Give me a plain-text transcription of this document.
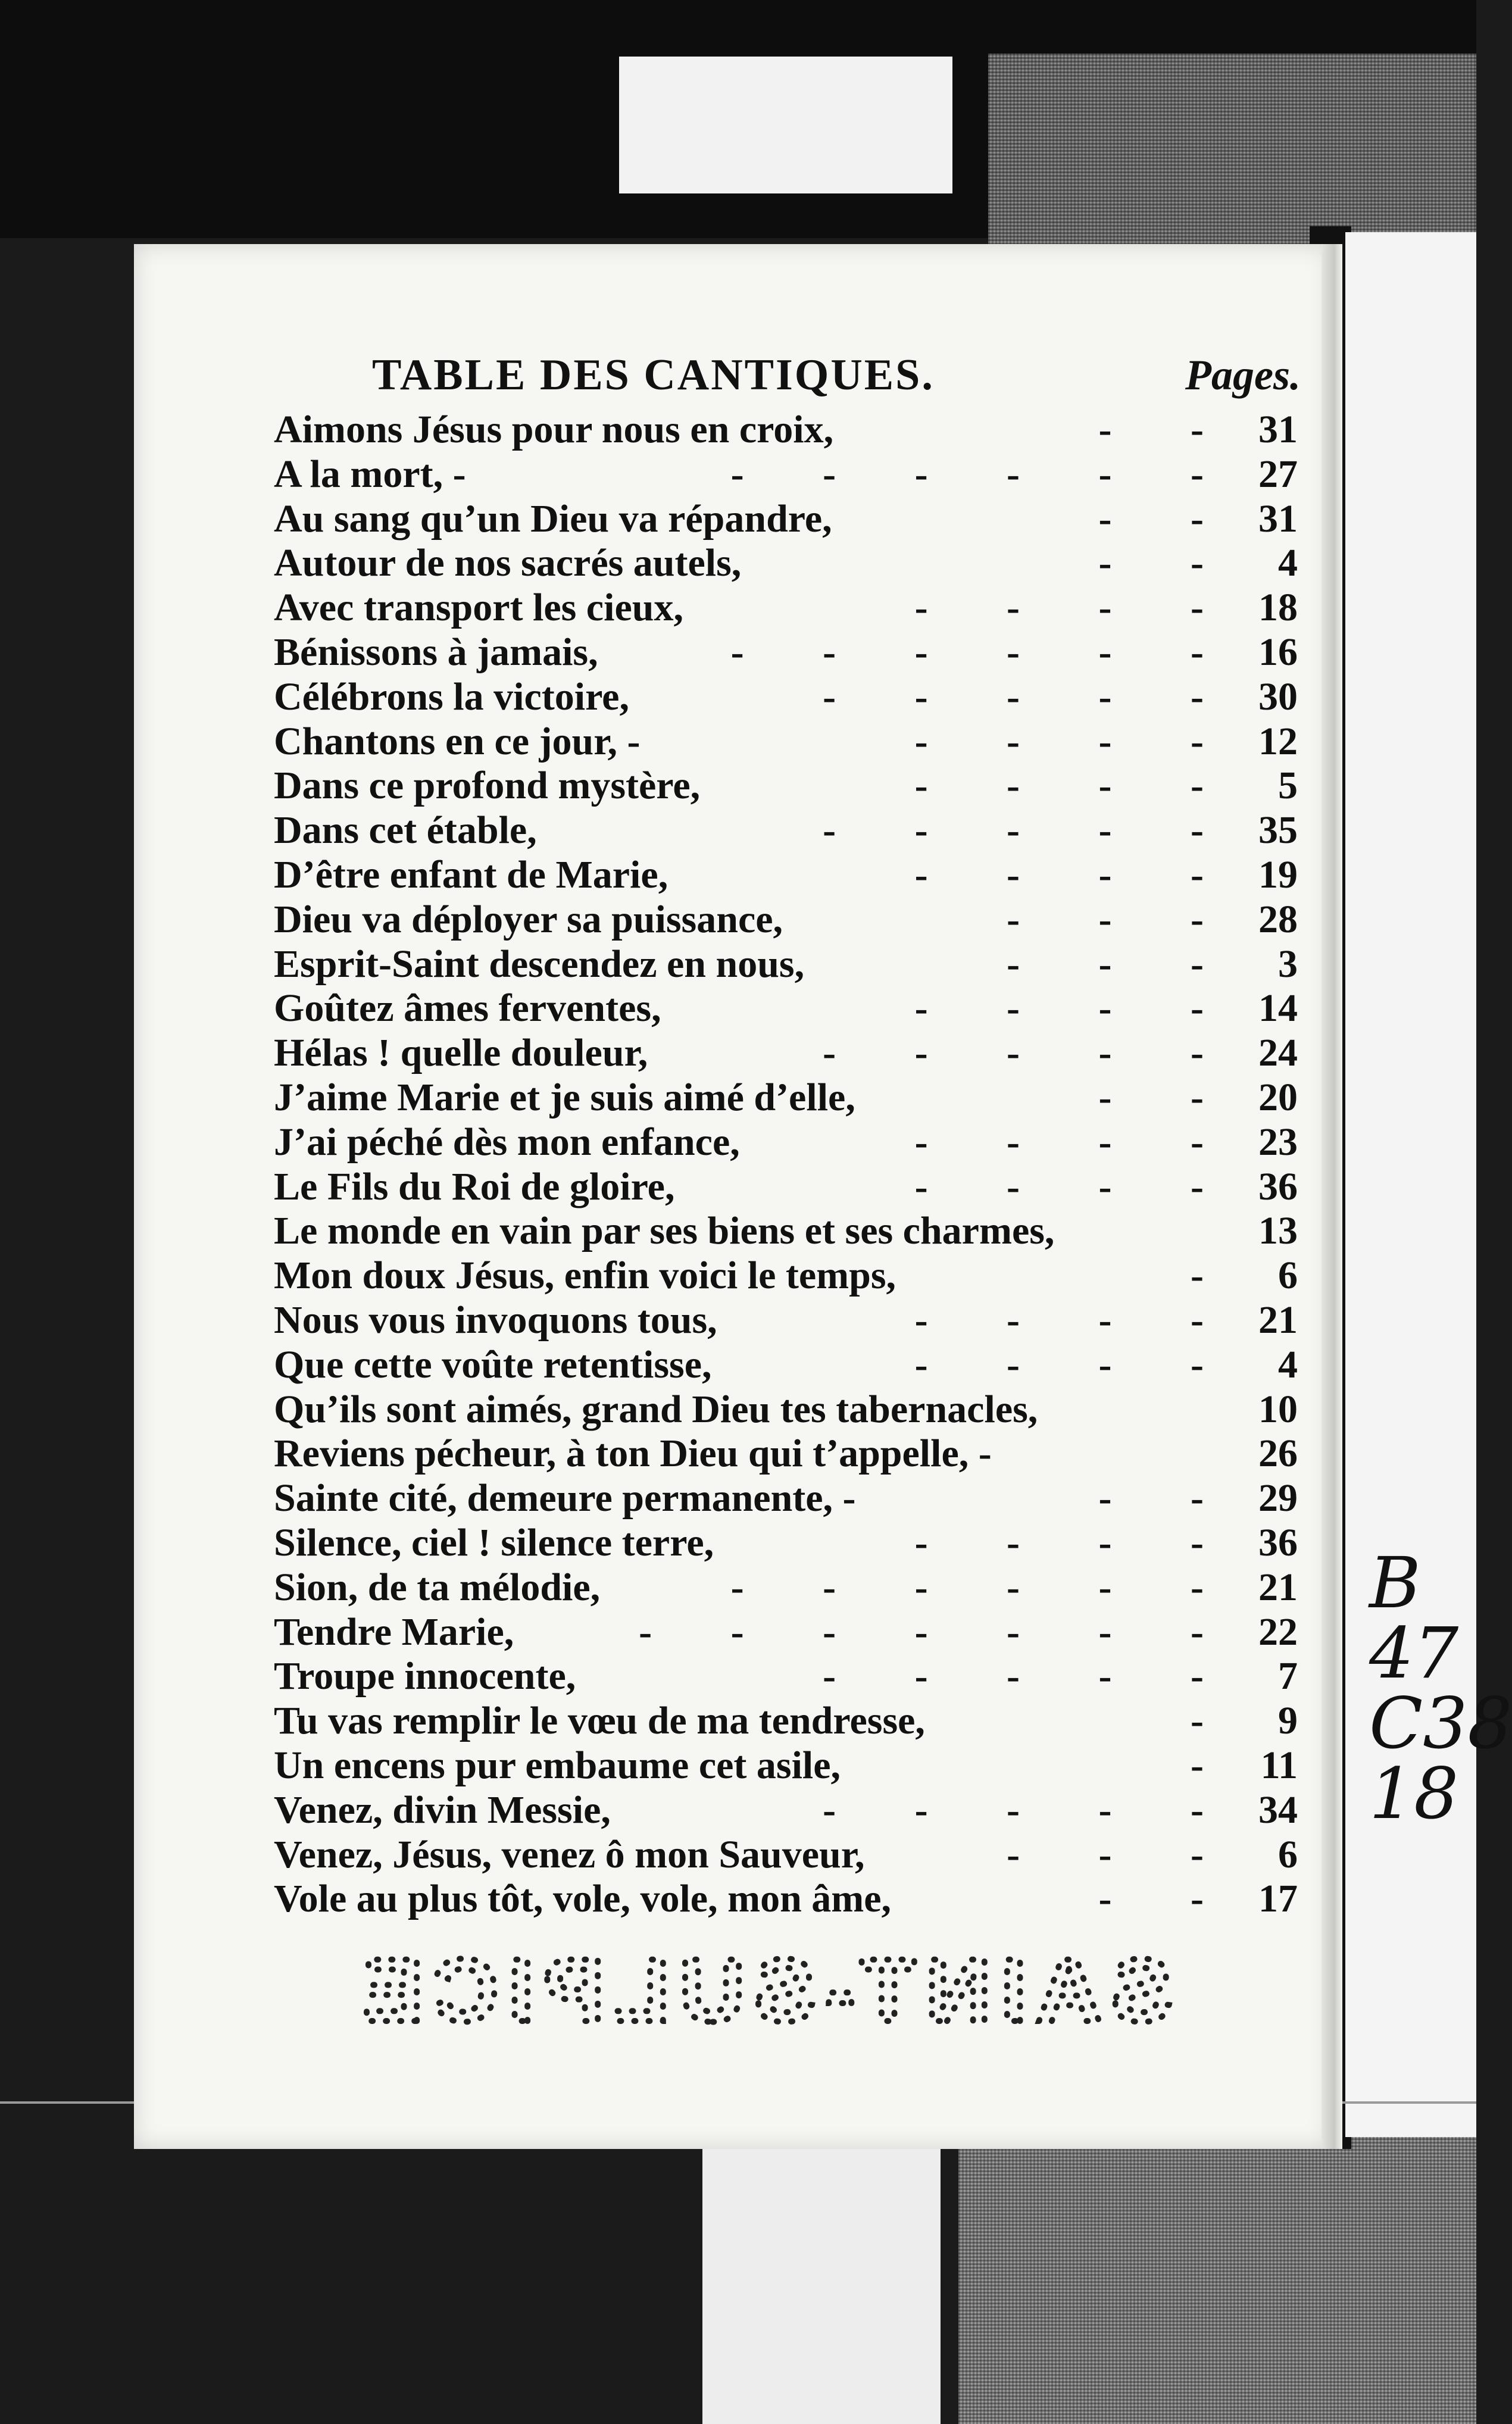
TABLE DES CANTIQUES.	Pages.
Aimons Jésus pour nous en croix,	- - 31
A la mort, -	- - - - - - 27
Au sang qu’un Dieu va répandre,	- - 31
Autour de nos sacrés autels,	- -	4
Avec transport les cieux,	- - - - 18
Bénissons à jamais,	- - - - - - 16
Célébrons la victoire,	- - - - - 30
Chantons en ce jour, -	- - - - 12
Dans ce profond mystère,	- - - -	5
Dans cet étable,	- - - - - 35
D’être enfant de Marie,	- - - - 19
Dieu va déployer sa puissance,	- - - 28
Esprit-Saint descendez en nous,	- - -	3
Goûtez âmes ferventes,	- - - - 14
Hélas ! quelle douleur,	- - - - - 24
J’aime Marie et je suis aimé d’elle,	- - 20
J’ai péché dès mon enfance,	- - - - 23
Le Fils du Roi de gloire,	- - - - 36
Le monde en vain par ses biens et ses charmes,	13
Mon doux Jésus, enfin voici le temps,	-	6
Nous vous invoquons tous,	- - - - 21
Que cette voûte retentisse,	- - - -	4
Qu’ils sont aimés, grand Dieu tes tabernacles,	10
Reviens pécheur, à ton Dieu qui t’appelle, -	26
Sainte cité, demeure permanente, -	- - 29
Silence, ciel ! silence terre,	- - - - 36
Sion, de ta mélodie,	- - - - - - 21
Tendre Marie,	- - - - - - - 22
Troupe innocente,	- - - - -	7
Tu vas remplir le vœu de ma tendresse,	-	9
Un encens pur embaume cet asile,	- 11
Venez, divin Messie,	- - - - - 34
Venez, Jésus, venez ô mon Sauveur,	- - -	6
Vole au plus tôt, vole, vole, mon âme,	- - 17
SAINT-SULPICE
B
47
C38
18
